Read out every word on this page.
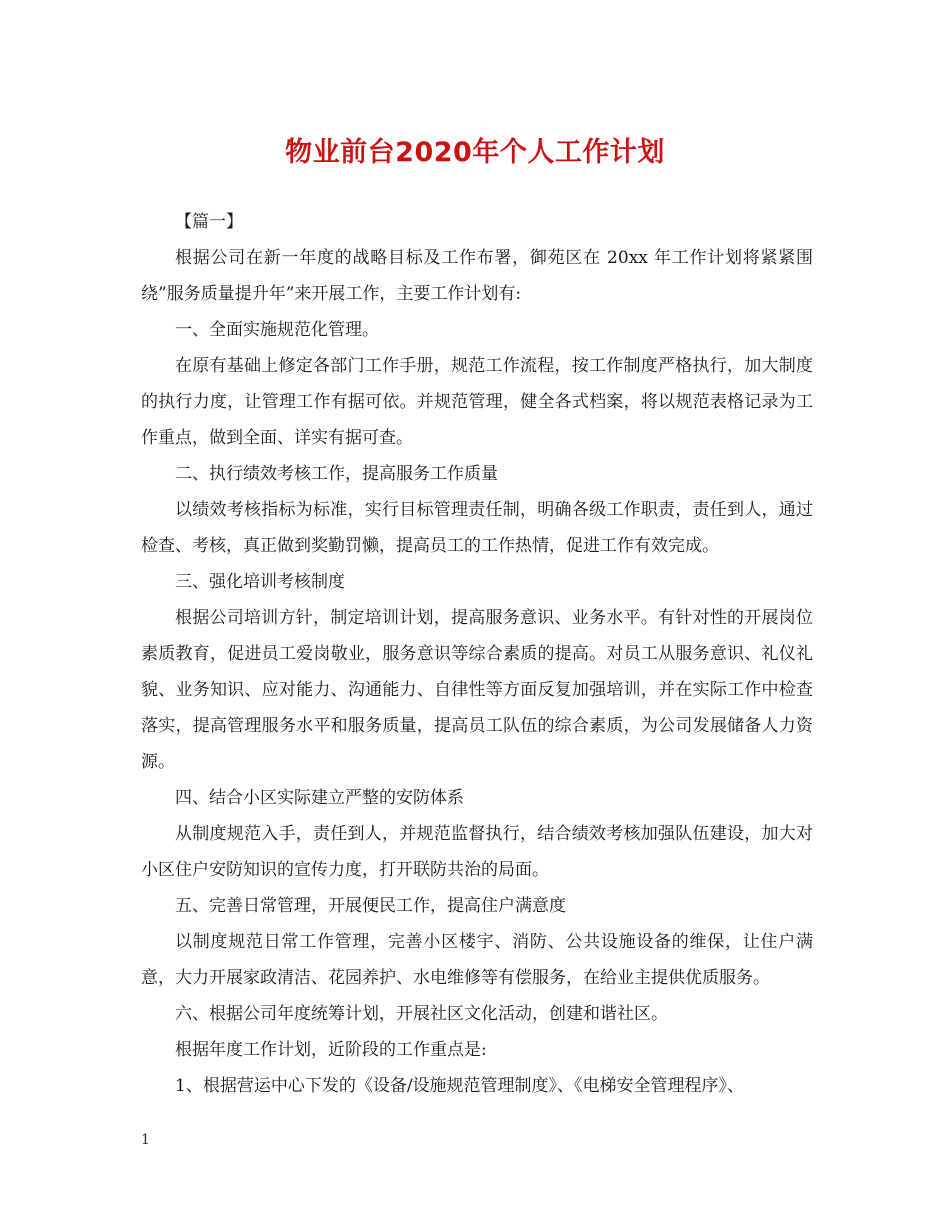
物业前台2020年个人工作计划

【篇一】

根据公司在新一年度的战略目标及工作布署，御苑区在 20xx 年工作计划将紧紧围绕”服务质量提升年”来开展工作，主要工作计划有:

一、全面实施规范化管理。

在原有基础上修定各部门工作手册，规范工作流程，按工作制度严格执行，加大制度的执行力度，让管理工作有据可依。并规范管理，健全各式档案，将以规范表格记录为工作重点，做到全面、详实有据可查。

二、执行绩效考核工作，提高服务工作质量

以绩效考核指标为标准，实行目标管理责任制，明确各级工作职责，责任到人，通过检查、考核，真正做到奖勤罚懒，提高员工的工作热情，促进工作有效完成。

三、强化培训考核制度

根据公司培训方针，制定培训计划，提高服务意识、业务水平。有针对性的开展岗位素质教育，促进员工爱岗敬业，服务意识等综合素质的提高。对员工从服务意识、礼仪礼貌、业务知识、应对能力、沟通能力、自律性等方面反复加强培训，并在实际工作中检查落实，提高管理服务水平和服务质量，提高员工队伍的综合素质，为公司发展储备人力资源。

四、结合小区实际建立严整的安防体系

从制度规范入手，责任到人，并规范监督执行，结合绩效考核加强队伍建设，加大对小区住户安防知识的宣传力度，打开联防共治的局面。

五、完善日常管理，开展便民工作，提高住户满意度

以制度规范日常工作管理，完善小区楼宇、消防、公共设施设备的维保，让住户满意，大力开展家政清洁、花园养护、水电维修等有偿服务，在给业主提供优质服务。

六、根据公司年度统筹计划，开展社区文化活动，创建和谐社区。

根据年度工作计划，近阶段的工作重点是:

1、根据营运中心下发的《设备/设施规范管理制度》、《电梯安全管理程序》、

1
